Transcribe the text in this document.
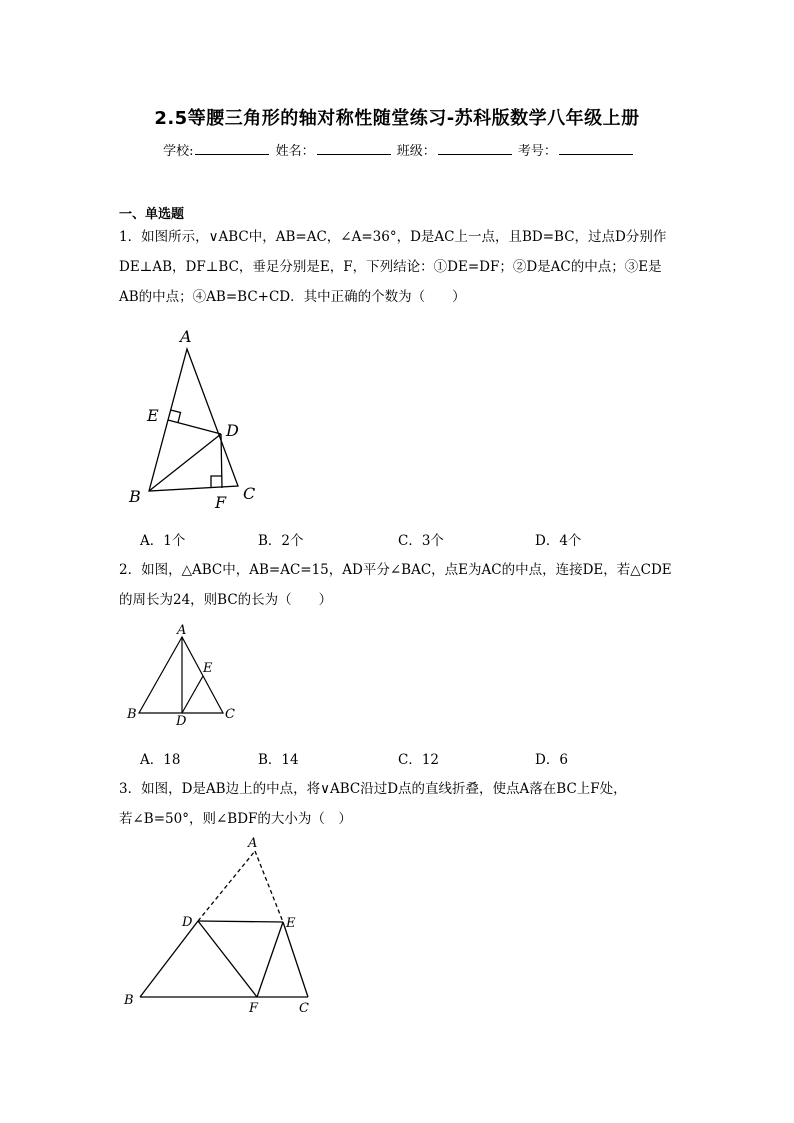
2.5等腰三角形的轴对称性随堂练习-苏科版数学八年级上册
学校:	姓名：	班级：	考号：
一、单选题
1．如图所示，∨ABC中，AB=AC，∠A=36°，D是AC上一点，且BD=BC，过点D分别作
DE⊥AB，DF⊥BC，垂足分别是E，F，下列结论：①DE=DF；②D是AC的中点；③E是
AB的中点；④AB=BC+CD．其中正确的个数为（　　）
A
E
D
B	F C
A．1个	B．2个	C．3个	D．4个
2．如图，△ABC中，AB=AC=15，AD平分∠BAC，点E为AC的中点，连接DE，若△CDE
的周长为24，则BC的长为（　　）
A
E
B	D	C
A．18	B．14	C．12	D．6
3．如图，D是AB边上的中点，将∨ABC沿过D点的直线折叠，使点A落在BC上F处，
若∠B=50°，则∠BDF的大小为（　）
A
D	E
B
F	C
